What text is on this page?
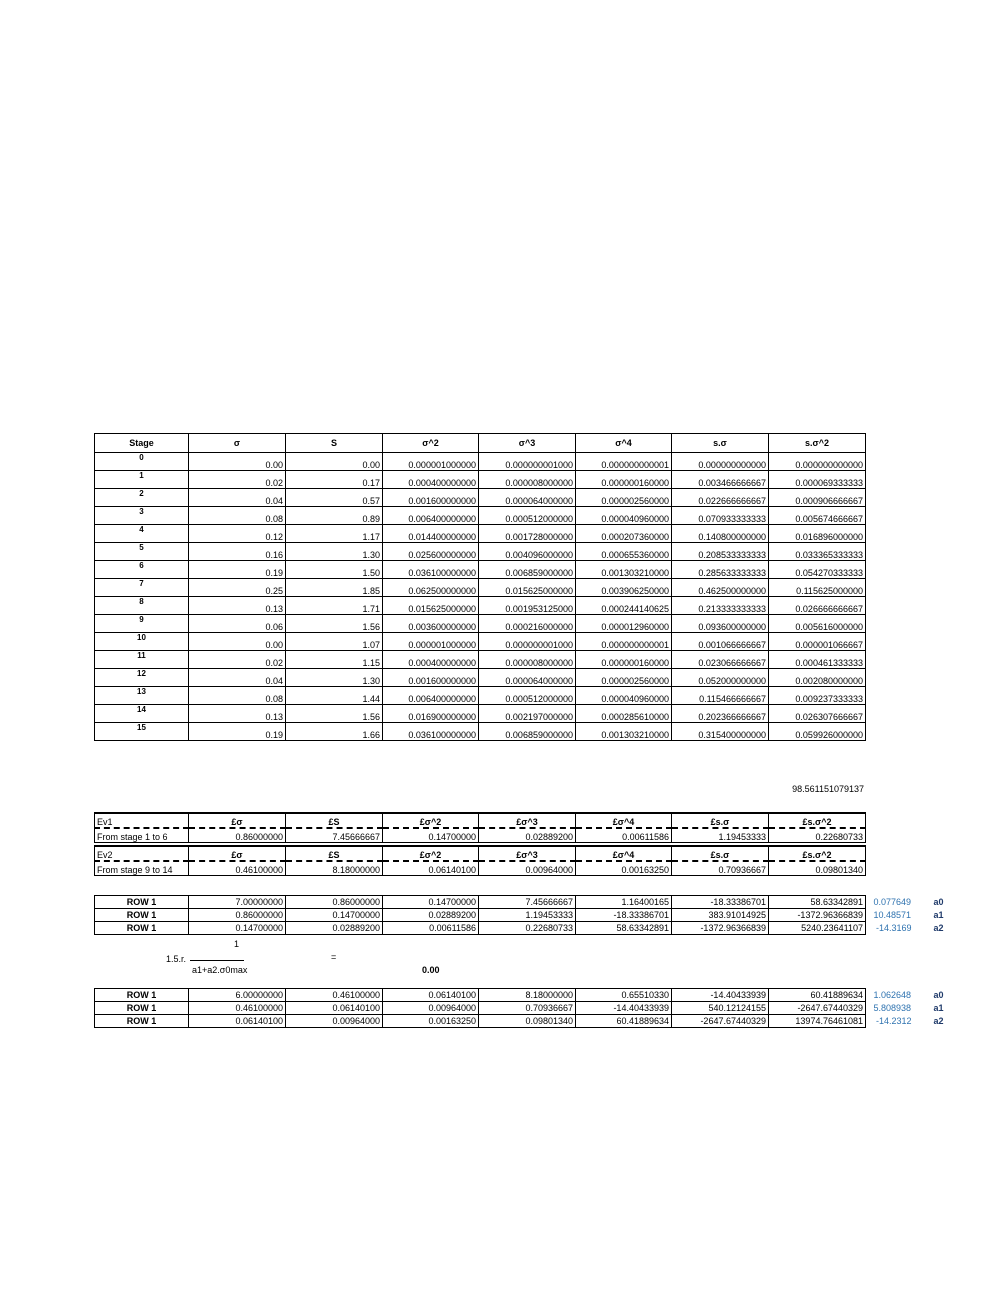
Stage	σ	S	σ^2	σ^3	σ^4	s.σ	s.σ^2
0	0.00	0.00	0.000001000000	0.000000001000	0.000000000001	0.000000000000	0.000000000000
1	0.02	0.17	0.000400000000	0.000008000000	0.000000160000	0.003466666667	0.000069333333
2	0.04	0.57	0.001600000000	0.000064000000	0.000002560000	0.022666666667	0.000906666667
3	0.08	0.89	0.006400000000	0.000512000000	0.000040960000	0.070933333333	0.005674666667
4	0.12	1.17	0.014400000000	0.001728000000	0.000207360000	0.140800000000	0.016896000000
5	0.16	1.30	0.025600000000	0.004096000000	0.000655360000	0.208533333333	0.033365333333
6	0.19	1.50	0.036100000000	0.006859000000	0.001303210000	0.285633333333	0.054270333333
7	0.25	1.85	0.062500000000	0.015625000000	0.003906250000	0.462500000000	0.115625000000
8	0.13	1.71	0.015625000000	0.001953125000	0.000244140625	0.213333333333	0.026666666667
9	0.06	1.56	0.003600000000	0.000216000000	0.000012960000	0.093600000000	0.005616000000
10	0.00	1.07	0.000001000000	0.000000001000	0.000000000001	0.001066666667	0.000001066667
11	0.02	1.15	0.000400000000	0.000008000000	0.000000160000	0.023066666667	0.000461333333
12	0.04	1.30	0.001600000000	0.000064000000	0.000002560000	0.052000000000	0.002080000000
13	0.08	1.44	0.006400000000	0.000512000000	0.000040960000	0.115466666667	0.009237333333
14	0.13	1.56	0.016900000000	0.002197000000	0.000285610000	0.202366666667	0.026307666667
15	0.19	1.66	0.036100000000	0.006859000000	0.001303210000	0.315400000000	0.059926000000
98.561151079137
Ev1	£σ	£S	£σ^2	£σ^3	£σ^4	£s.σ	£s.σ^2
From stage 1 to 6	0.86000000	7.45666667	0.14700000	0.02889200	0.00611586	1.19453333	0.22680733
Ev2	£σ	£S	£σ^2	£σ^3	£σ^4	£s.σ	£s.σ^2
From stage 9 to 14	0.46100000	8.18000000	0.06140100	0.00964000	0.00163250	0.70936667	0.09801340
ROW 1	7.00000000	0.86000000	0.14700000	7.45666667	1.16400165	-18.33386701	58.63342891	0.077649	a0
ROW 1	0.86000000	0.14700000	0.02889200	1.19453333	-18.33386701	383.91014925	-1372.96366839	10.48571	a1
ROW 1	0.14700000	0.02889200	0.00611586	0.22680733	58.63342891	-1372.96366839	5240.23641107	-14.3169	a2
1
1.5.r.	=
a1+a2.σ0max	0.00
ROW 1	6.00000000	0.46100000	0.06140100	8.18000000	0.65510330	-14.40433939	60.41889634	1.062648	a0
ROW 1	0.46100000	0.06140100	0.00964000	0.70936667	-14.40433939	540.12124155	-2647.67440329	5.808938	a1
ROW 1	0.06140100	0.00964000	0.00163250	0.09801340	60.41889634	-2647.67440329	13974.76461081	-14.2312	a2
